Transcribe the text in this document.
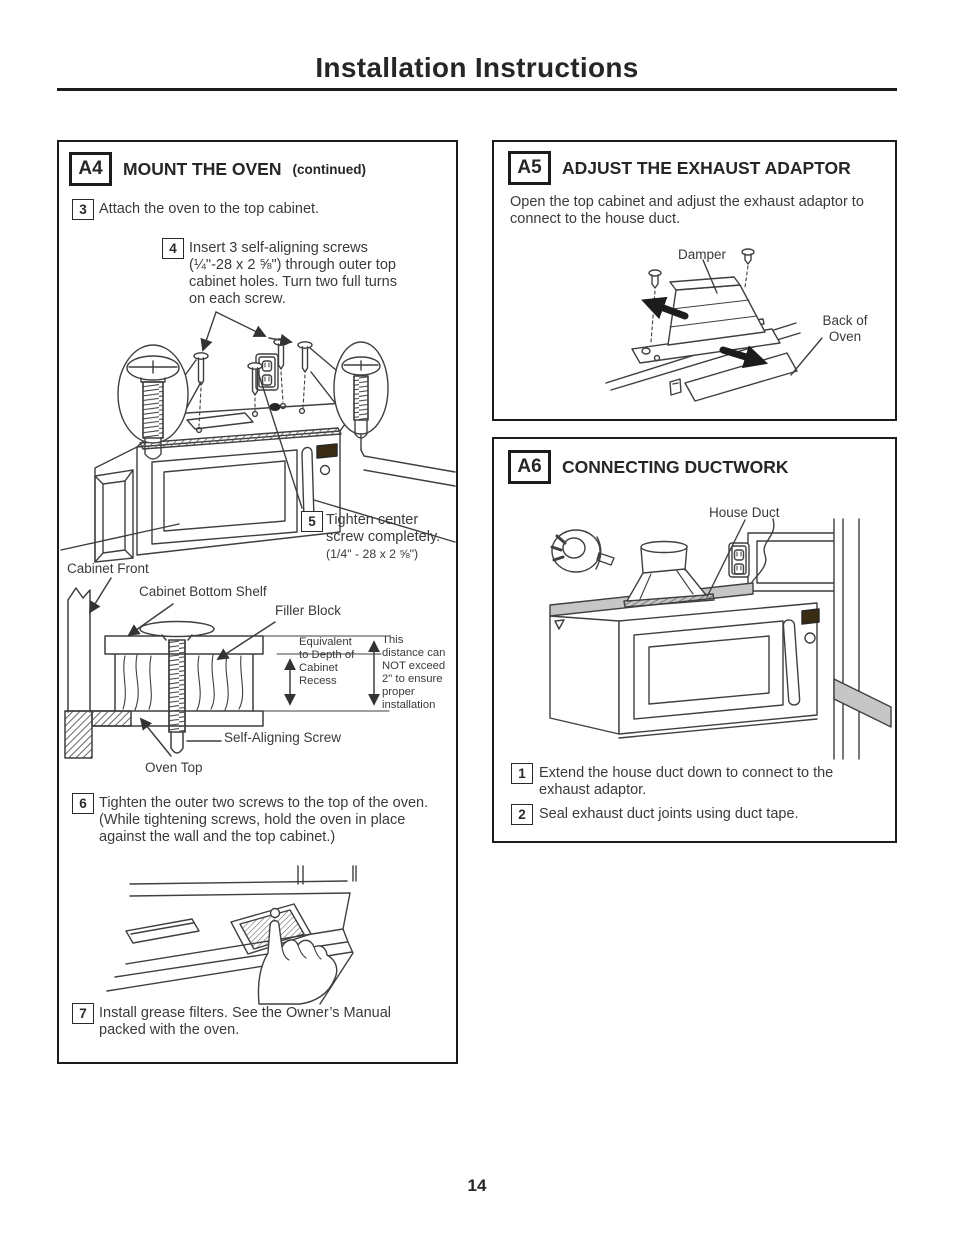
Installation Instructions
A4	MOUNT THE OVEN (continued)
3 Attach the oven to the top cabinet.
4 Insert 3 self-aligning screws (¼"-28 x 2 ⅝") through outer top cabinet holes. Turn two full turns on each screw.
5 Tighten center screw completely.
(1/4" - 28 x 2 ⅝")
Cabinet Front
Cabinet Bottom Shelf
Filler Block
Equivalent to Depth of Cabinet Recess
This distance can NOT exceed 2" to ensure proper installation
Self-Aligning Screw
Oven Top
6 Tighten the outer two screws to the top of the oven. (While tightening screws, hold the oven in place against the wall and the top cabinet.)
7 Install grease filters. See the Owner’s Manual packed with the oven.
A5	ADJUST THE EXHAUST ADAPTOR
Open the top cabinet and adjust the exhaust adaptor to connect to the house duct.
Damper
Back of Oven
A6	CONNECTING DUCTWORK
House Duct
1 Extend the house duct down to connect to the exhaust adaptor.
2 Seal exhaust duct joints using duct tape.
14
